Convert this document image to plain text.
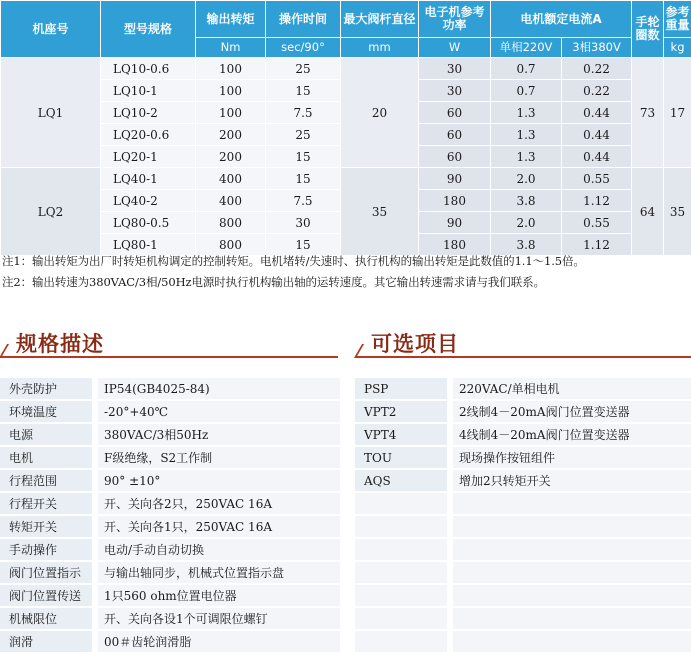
机座号	型号规格	输出转矩	操作时间	最大阀杆直径	电子机参考功率	电机额定电流A		手轮圈数	参考重量
		Nm	sec/90°	mm	W	单相220V	3相380V		kg
LQ1	LQ10-0.6	100	25	20	30	0.7	0.22	73	17
	LQ10-1	100	15		30	0.7	0.22		
	LQ10-2	100	7.5		60	1.3	0.44		
	LQ20-0.6	200	25		60	1.3	0.44		
	LQ20-1	200	15		60	1.3	0.44		
LQ2	LQ40-1	400	15	35	90	2.0	0.55	64	35
	LQ40-2	400	7.5		180	3.8	1.12		
	LQ80-0.5	800	30		90	2.0	0.55		
	LQ80-1	800	15		180	3.8	1.12		
注1：输出转矩为出厂时转矩机构调定的控制转矩。电机堵转/失速时、执行机构的输出转矩是此数值的1.1～1.5倍。
注2：输出转速为380VAC/3相/50Hz电源时执行机构输出轴的运转速度。其它输出转速需求请与我们联系。
规格描述	可选项目
外壳防护		IP54(GB4025-84)
环境温度		-20°+40℃
电源		380VAC/3相50Hz
电机		F级绝缘，S2工作制
行程范围		90° ±10°
行程开关		开、关向各2只，250VAC 16A
转矩开关		开、关向各1只，250VAC 16A
手动操作		电动/手动自动切换
阀门位置指示		与输出轴同步，机械式位置指示盘
阀门位置传送		1只560 ohm位置电位器
机械限位		开、关向各设1个可调限位螺钉
润滑		00＃齿轮润滑脂
PSP		220VAC/单相电机
VPT2		2线制4－20mA阀门位置变送器
VPT4		4线制4－20mA阀门位置变送器
TOU		现场操作按钮组件
AQS		增加2只转矩开关
